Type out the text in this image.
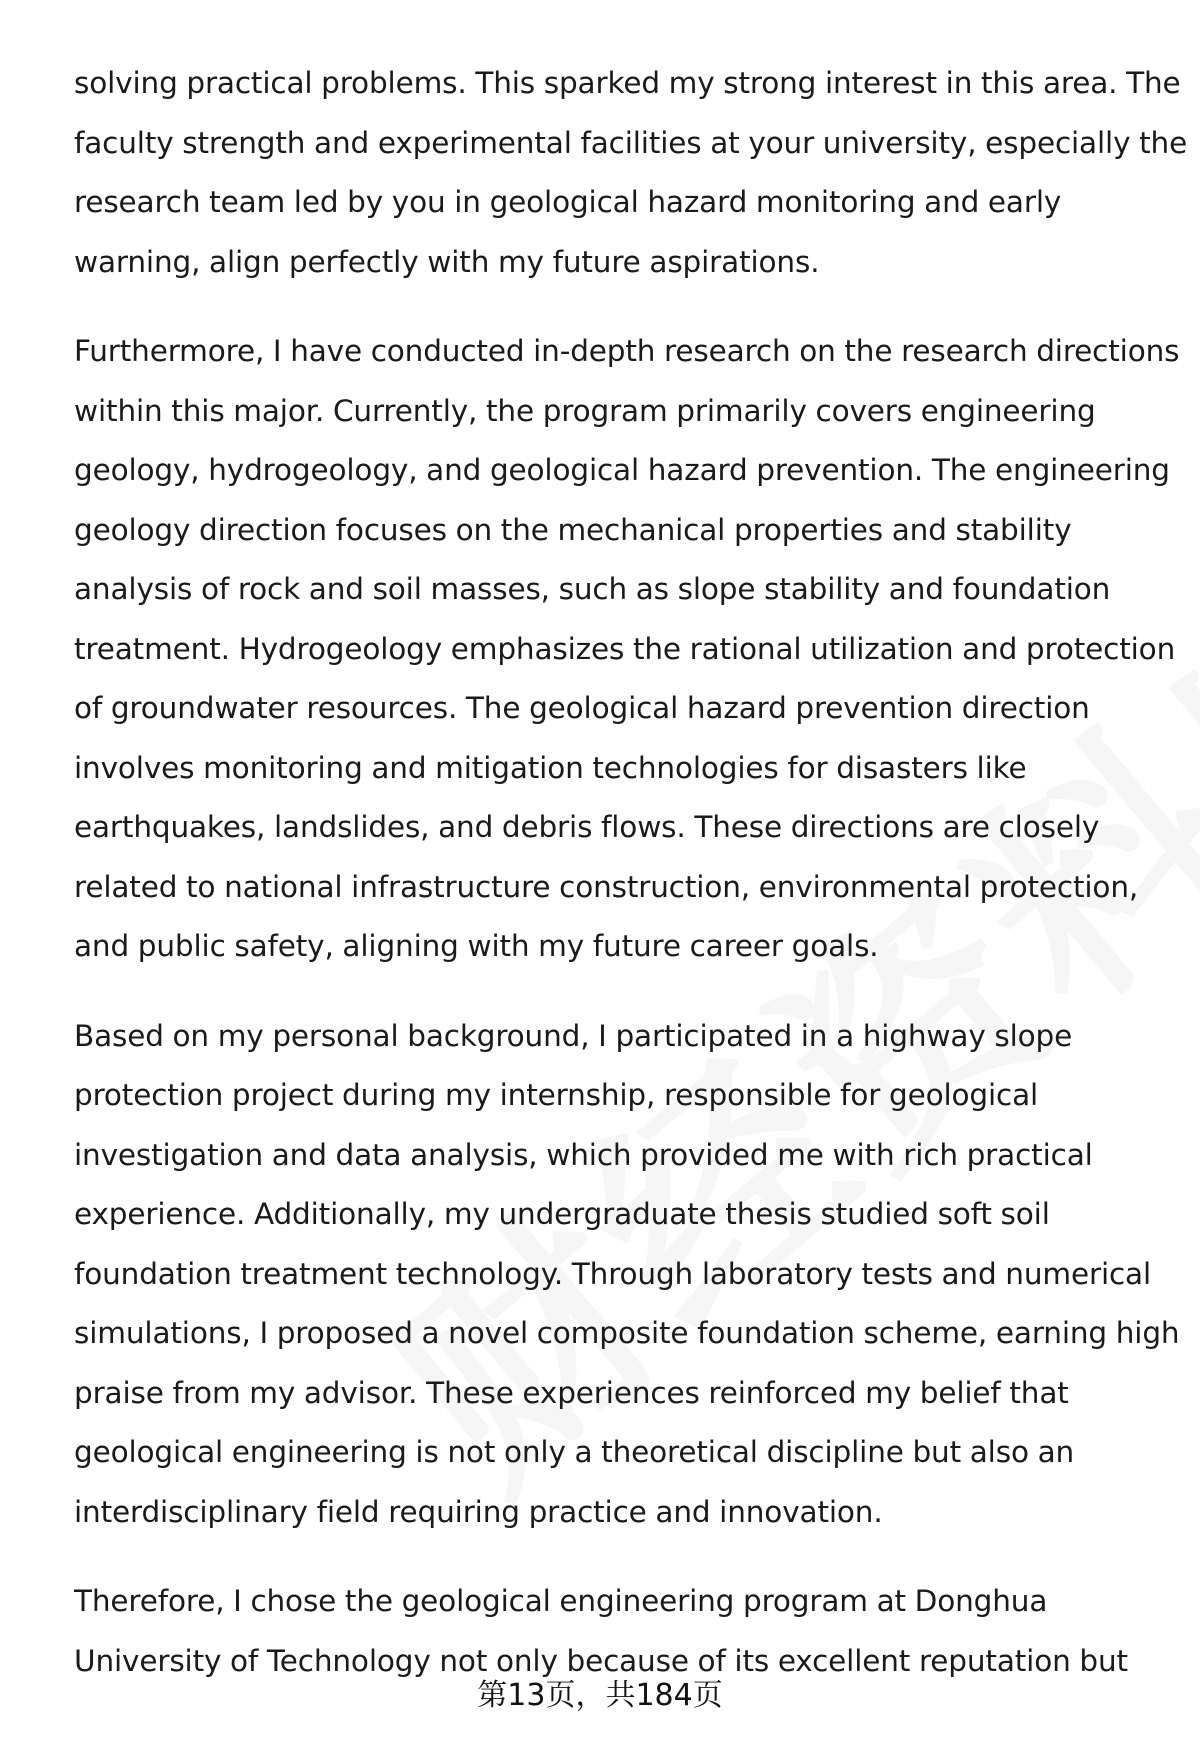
solving practical problems. This sparked my strong interest in this area. The
faculty strength and experimental facilities at your university, especially the
research team led by you in geological hazard monitoring and early
warning, align perfectly with my future aspirations.

Furthermore, I have conducted in-depth research on the research directions
within this major. Currently, the program primarily covers engineering
geology, hydrogeology, and geological hazard prevention. The engineering
geology direction focuses on the mechanical properties and stability
analysis of rock and soil masses, such as slope stability and foundation
treatment. Hydrogeology emphasizes the rational utilization and protection
of groundwater resources. The geological hazard prevention direction
involves monitoring and mitigation technologies for disasters like
earthquakes, landslides, and debris flows. These directions are closely
related to national infrastructure construction, environmental protection,
and public safety, aligning with my future career goals.

Based on my personal background, I participated in a highway slope
protection project during my internship, responsible for geological
investigation and data analysis, which provided me with rich practical
experience. Additionally, my undergraduate thesis studied soft soil
foundation treatment technology. Through laboratory tests and numerical
simulations, I proposed a novel composite foundation scheme, earning high
praise from my advisor. These experiences reinforced my belief that
geological engineering is not only a theoretical discipline but also an
interdisciplinary field requiring practice and innovation.

Therefore, I chose the geological engineering program at Donghua
University of Technology not only because of its excellent reputation but

第13页，共184页
